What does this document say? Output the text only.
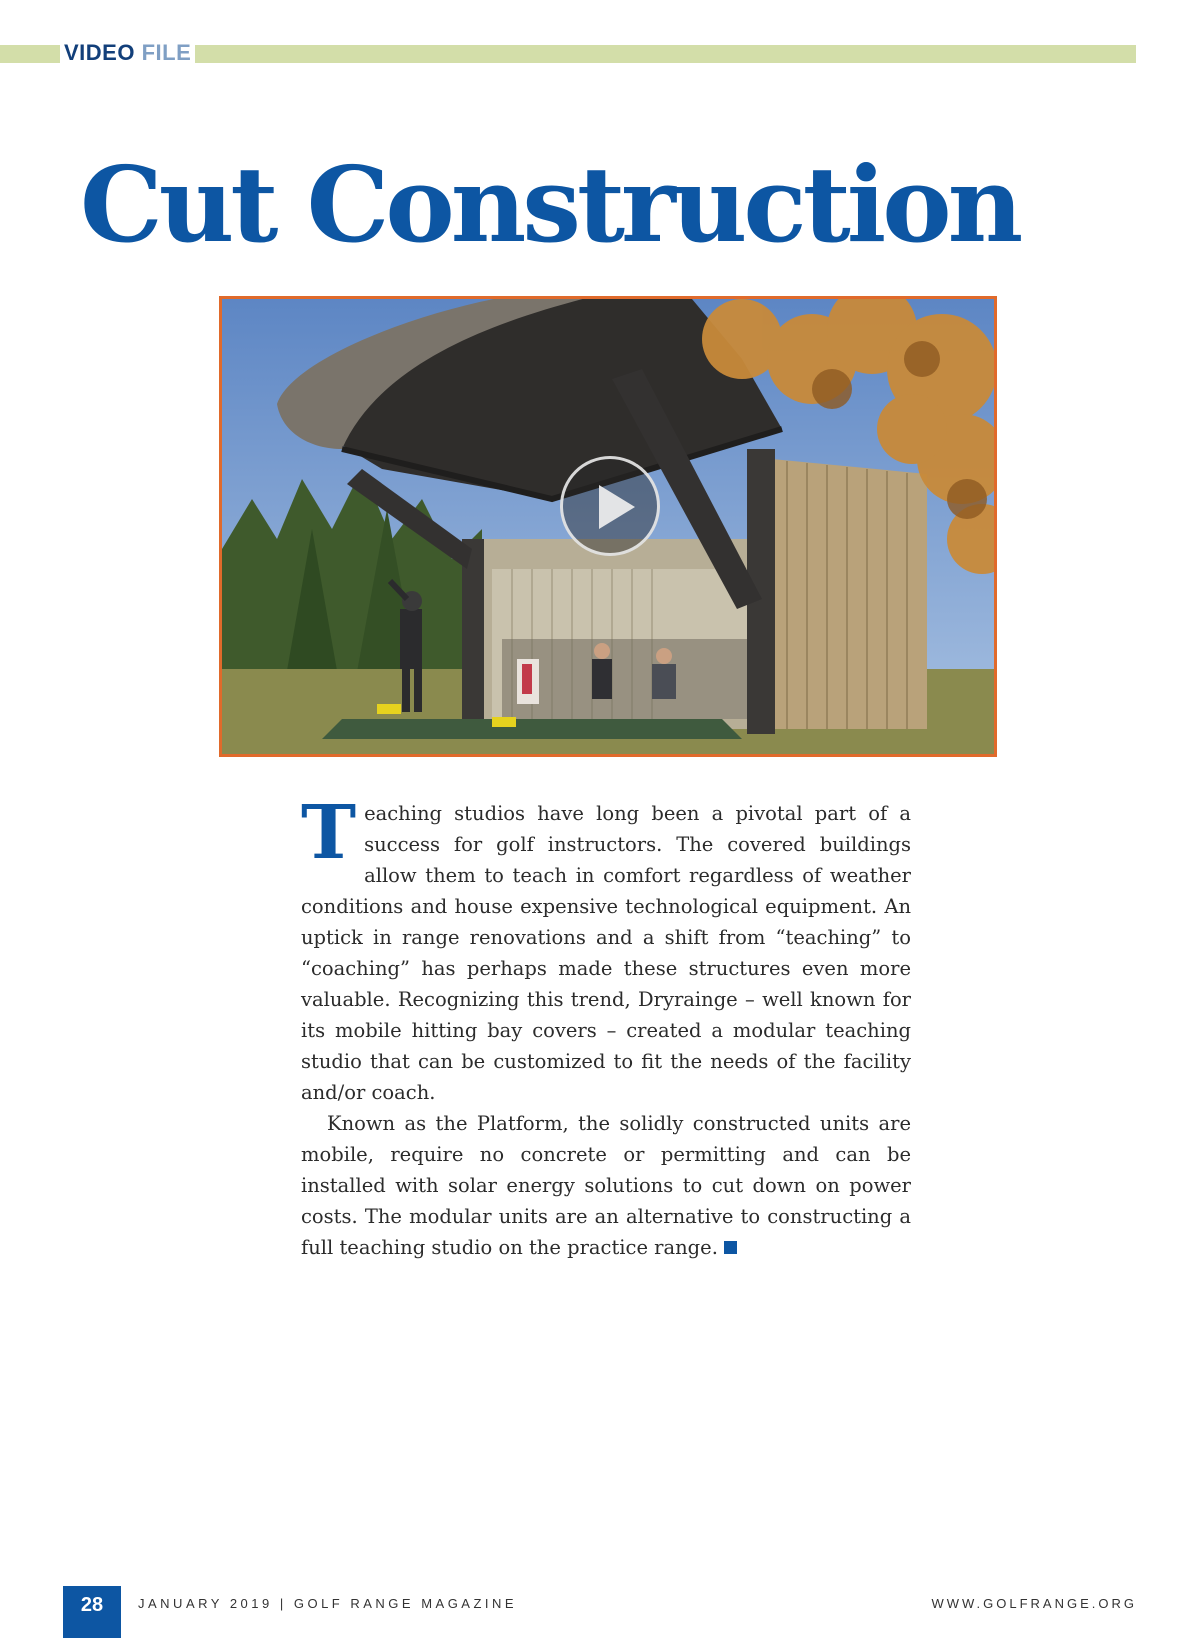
VIDEO FILE
Cut Construction

Teaching studios have long been a pivotal part of a success for golf instructors. The covered buildings allow them to teach in comfort regardless of weather conditions and house expensive technological equipment. An uptick in range renovations and a shift from “teaching” to “coaching” has perhaps made these structures even more valuable. Recognizing this trend, Dryrainge – well known for its mobile hitting bay covers – created a modular teaching studio that can be customized to fit the needs of the facility and/or coach.

Known as the Platform, the solidly constructed units are mobile, require no concrete or permitting and can be installed with solar energy solutions to cut down on power costs. The modular units are an alternative to constructing a full teaching studio on the practice range.

28	JANUARY 2019 | GOLF RANGE MAGAZINE	WWW.GOLFRANGE.ORG
